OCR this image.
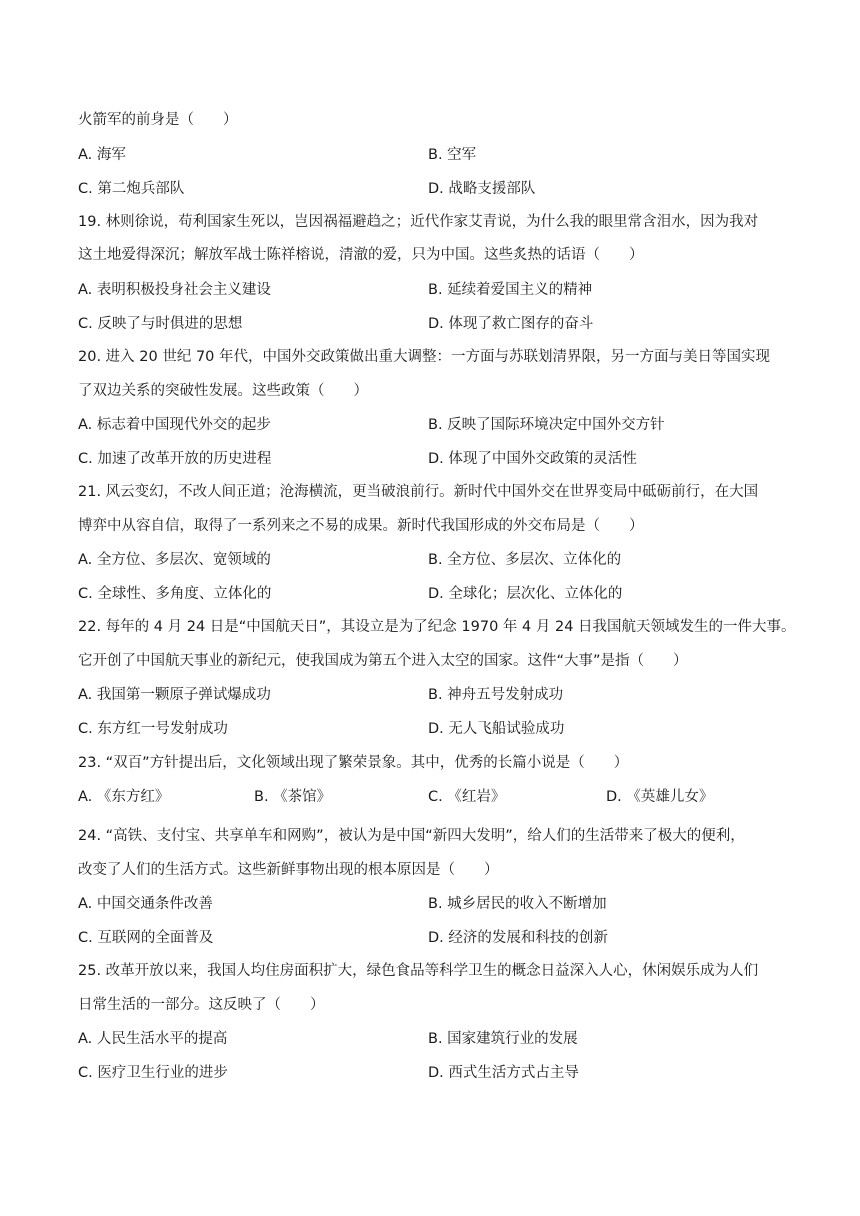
火箭军的前身是（　　）
A. 海军	B. 空军
C. 第二炮兵部队	D. 战略支援部队
19. 林则徐说，苟利国家生死以，岂因祸福避趋之；近代作家艾青说，为什么我的眼里常含泪水，因为我对
这土地爱得深沉；解放军战士陈祥榕说，清澈的爱，只为中国。这些炙热的话语（　　）
A. 表明积极投身社会主义建设	B. 延续着爱国主义的精神
C. 反映了与时俱进的思想	D. 体现了救亡图存的奋斗
20. 进入 20 世纪 70 年代，中国外交政策做出重大调整：一方面与苏联划清界限，另一方面与美日等国实现
了双边关系的突破性发展。这些政策（　　）
A. 标志着中国现代外交的起步	B. 反映了国际环境决定中国外交方针
C. 加速了改革开放的历史进程	D. 体现了中国外交政策的灵活性
21. 风云变幻，不改人间正道；沧海横流，更当破浪前行。新时代中国外交在世界变局中砥砺前行，在大国
博弈中从容自信，取得了一系列来之不易的成果。新时代我国形成的外交布局是（　　）
A. 全方位、多层次、宽领域的	B. 全方位、多层次、立体化的
C. 全球性、多角度、立体化的	D. 全球化；层次化、立体化的
22. 每年的 4 月 24 日是“中国航天日”，其设立是为了纪念 1970 年 4 月 24 日我国航天领域发生的一件大事。
它开创了中国航天事业的新纪元，使我国成为第五个进入太空的国家。这件“大事”是指（　　）
A. 我国第一颗原子弹试爆成功	B. 神舟五号发射成功
C. 东方红一号发射成功	D. 无人飞船试验成功
23. “双百”方针提出后，文化领域出现了繁荣景象。其中，优秀的长篇小说是（　　）
A. 《东方红》	B. 《茶馆》	C. 《红岩》	D. 《英雄儿女》
24. “高铁、支付宝、共享单车和网购”，被认为是中国“新四大发明”，给人们的生活带来了极大的便利，
改变了人们的生活方式。这些新鲜事物出现的根本原因是（　　）
A. 中国交通条件改善	B. 城乡居民的收入不断增加
C. 互联网的全面普及	D. 经济的发展和科技的创新
25. 改革开放以来，我国人均住房面积扩大，绿色食品等科学卫生的概念日益深入人心，休闲娱乐成为人们
日常生活的一部分。这反映了（　　）
A. 人民生活水平的提高	B. 国家建筑行业的发展
C. 医疗卫生行业的进步	D. 西式生活方式占主导
